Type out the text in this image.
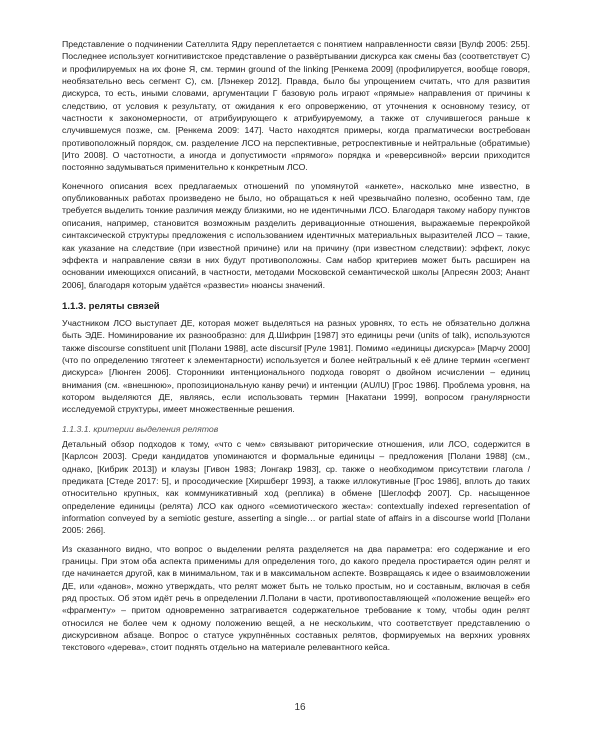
Представление о подчинении Сателлита Ядру переплетается с понятием направленности связи [Вулф 2005: 255]. Последнее использует когнитивистское представление о развёртывании дискурса как смены баз (соответствует C) и профилируемых на их фоне Я, см. термин ground of the linking [Ренкема 2009] (профилируется, вообще говоря, необязательно весь сегмент C), см. [Лэнекер 2012]. Правда, было бы упрощением считать, что для развития дискурса, то есть, иными словами, аргументации Г базовую роль играют «прямые» направления от причины к следствию, от условия к результату, от ожидания к его опровержению, от уточнения к основному тезису, от частности к закономерности, от атрибуирующего к атрибуируемому, а также от случившегося раньше к случившемуся позже, см. [Ренкема 2009: 147]. Часто находятся примеры, когда прагматически востребован противоположный порядок, см. разделение ЛСО на перспективные, ретроспективные и нейтральные (обратимые) [Ито 2008]. О частотности, а иногда и допустимости «прямого» порядка и «реверсивной» версии приходится постоянно задумываться применительно к конкретным ЛСО.

Конечного описания всех предлагаемых отношений по упомянутой «анкете», насколько мне известно, в опубликованных работах произведено не было, но обращаться к ней чрезвычайно полезно, особенно там, где требуется выделить тонкие различия между близкими, но не идентичными ЛСО. Благодаря такому набору пунктов описания, например, становится возможным разделить деривационные отношения, выражаемые перекройкой синтаксической структуры предложения с использованием идентичных материальных выразителей ЛСО – такие, как указание на следствие (при известной причине) или на причину (при известном следствии): эффект, локус эффекта и направление связи в них будут противоположны. Сам набор критериев может быть расширен на основании имеющихся описаний, в частности, методами Московской семантической школы [Апресян 2003; Анант 2006], благодаря которым удаётся «развести» нюансы значений.

1.1.3. реляты связей

Участником ЛСО выступает ДЕ, которая может выделяться на разных уровнях, то есть не обязательно должна быть ЭДЕ. Номинирование их разнообразно: для Д.Шифрин [1987] это единицы речи (units of talk), используются также discourse constituent unit [Полани 1988], acte discursif [Руле 1981]. Помимо «единицы дискурса» [Марчу 2000] (что по определению тяготеет к элементарности) используется и более нейтральный к её длине термин «сегмент дискурса» [Люнген 2006]. Сторонники интенционального подхода говорят о двойном исчислении – единиц внимания (см. «внешнюю», пропозициональную канву речи) и интенции (AU/IU) [Грос 1986]. Проблема уровня, на котором выделяются ДЕ, являясь, если использовать термин [Накатани 1999], вопросом гранулярности исследуемой структуры, имеет множественные решения.

1.1.3.1. критерии выделения релятов

Детальный обзор подходов к тому, «что с чем» связывают риторические отношения, или ЛСО, содержится в [Карлсон 2003]. Среди кандидатов упоминаются и формальные единицы – предложения [Полани 1988] (см., однако, [Кибрик 2013]) и клаузы [Гивон 1983; Лонгакр 1983], ср. также о необходимом присутствии глагола / предиката [Стеде 2017: 5], и просодические [Хиршберг 1993], а также иллокутивные [Грос 1986], вплоть до таких относительно крупных, как коммуникативный ход (реплика) в обмене [Шеглофф 2007]. Ср. насыщенное определение единицы (релята) ЛСО как одного «семиотического жеста»: contextually indexed representation of information conveyed by a semiotic gesture, asserting a single… or partial state of affairs in a discourse world [Полани 2005: 266].

Из сказанного видно, что вопрос о выделении релята разделяется на два параметра: его содержание и его границы. При этом оба аспекта применимы для определения того, до какого предела простирается один релят и где начинается другой, как в минимальном, так и в максимальном аспекте. Возвращаясь к идее о взаимовложении ДЕ, или «данов», можно утверждать, что релят может быть не только простым, но и составным, включая в себя ряд простых. Об этом идёт речь в определении Л.Полани в части, противопоставляющей «положение вещей» его «фрагменту» – притом одновременно затрагивается содержательное требование к тому, чтобы один релят относился не более чем к одному положению вещей, а не нескольким, что соответствует представлению о дискурсивном абзаце. Вопрос о статусе укрупнённых составных релятов, формируемых на верхних уровнях текстового «дерева», стоит поднять отдельно на материале релевантного кейса.

16
